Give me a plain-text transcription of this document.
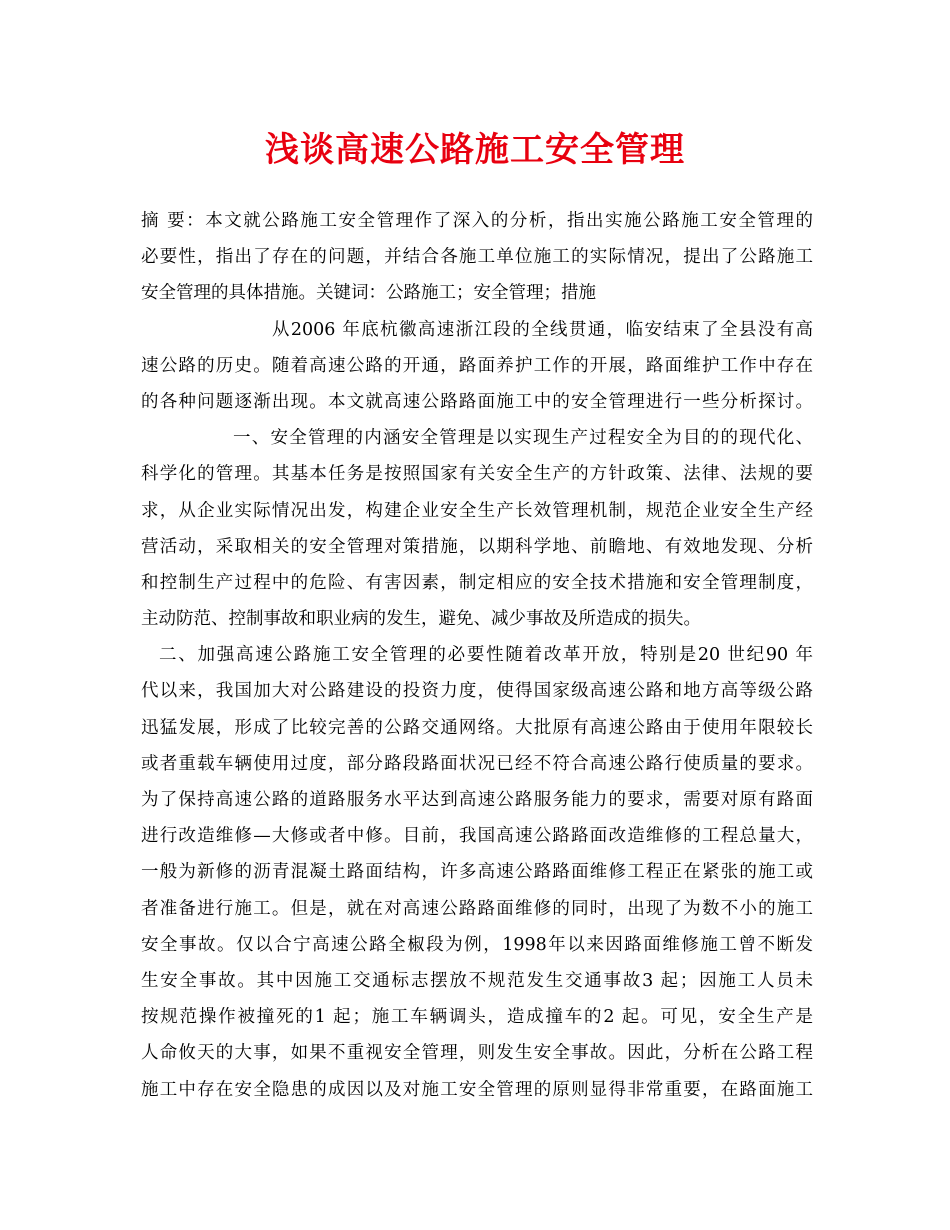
浅谈高速公路施工安全管理
摘 要：本文就公路施工安全管理作了深入的分析，指出实施公路施工安全管理的
必要性，指出了存在的问题，并结合各施工单位施工的实际情况，提出了公路施工
安全管理的具体措施。关键词：公路施工；安全管理；措施
从2006 年底杭徽高速浙江段的全线贯通，临安结束了全县没有高
速公路的历史。随着高速公路的开通，路面养护工作的开展，路面维护工作中存在
的各种问题逐渐出现。本文就高速公路路面施工中的安全管理进行一些分析探讨。
一、安全管理的内涵安全管理是以实现生产过程安全为目的的现代化、
科学化的管理。其基本任务是按照国家有关安全生产的方针政策、法律、法规的要
求，从企业实际情况出发，构建企业安全生产长效管理机制，规范企业安全生产经
营活动，采取相关的安全管理对策措施，以期科学地、前瞻地、有效地发现、分析
和控制生产过程中的危险、有害因素，制定相应的安全技术措施和安全管理制度，
主动防范、控制事故和职业病的发生，避免、减少事故及所造成的损失。
二、加强高速公路施工安全管理的必要性随着改革开放，特别是20 世纪90 年
代以来，我国加大对公路建设的投资力度，使得国家级高速公路和地方高等级公路
迅猛发展，形成了比较完善的公路交通网络。大批原有高速公路由于使用年限较长
或者重载车辆使用过度，部分路段路面状况已经不符合高速公路行使质量的要求。
为了保持高速公路的道路服务水平达到高速公路服务能力的要求，需要对原有路面
进行改造维修—大修或者中修。目前，我国高速公路路面改造维修的工程总量大，
一般为新修的沥青混凝土路面结构，许多高速公路路面维修工程正在紧张的施工或
者准备进行施工。但是，就在对高速公路路面维修的同时，出现了为数不小的施工
安全事故。仅以合宁高速公路全椒段为例，1998年以来因路面维修施工曾不断发
生安全事故。其中因施工交通标志摆放不规范发生交通事故3 起；因施工人员未
按规范操作被撞死的1 起；施工车辆调头，造成撞车的2 起。可见，安全生产是
人命攸天的大事，如果不重视安全管理，则发生安全事故。因此，分析在公路工程
施工中存在安全隐患的成因以及对施工安全管理的原则显得非常重要，在路面施工
